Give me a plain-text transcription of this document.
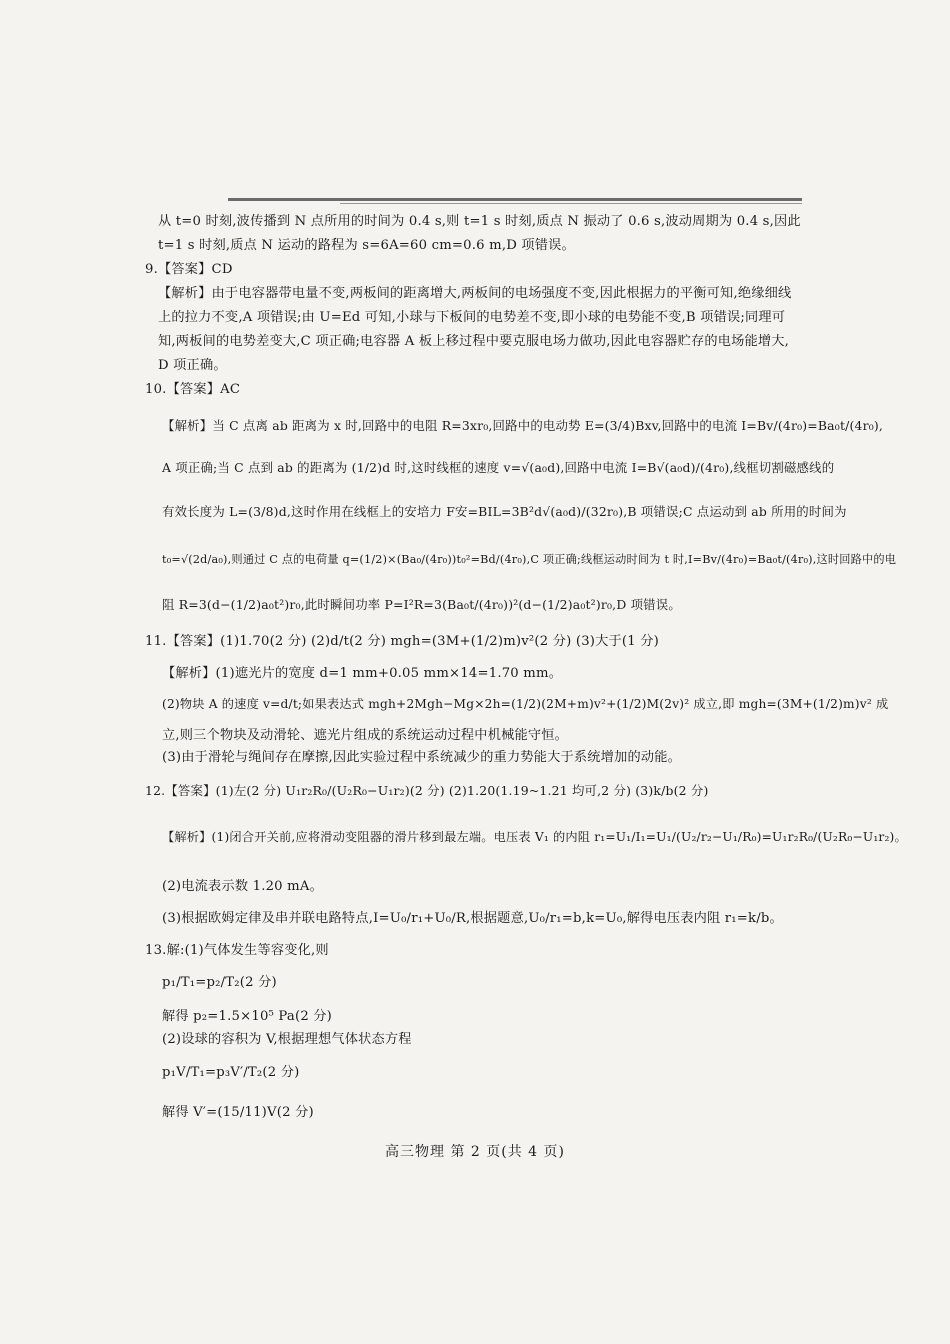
从 t=0 时刻,波传播到 N 点所用的时间为 0.4 s,则 t=1 s 时刻,质点 N 振动了 0.6 s,波动周期为 0.4 s,因此
t=1 s 时刻,质点 N 运动的路程为 s=6A=60 cm=0.6 m,D 项错误。
9.【答案】CD
【解析】由于电容器带电量不变,两板间的距离增大,两板间的电场强度不变,因此根据力的平衡可知,绝缘细线
上的拉力不变,A 项错误;由 U=Ed 可知,小球与下板间的电势差不变,即小球的电势能不变,B 项错误;同理可
知,两板间的电势差变大,C 项正确;电容器 A 板上移过程中要克服电场力做功,因此电容器贮存的电场能增大,
D 项正确。
10.【答案】AC
【解析】当 C 点离 ab 距离为 x 时,回路中的电阻 R=3xr₀,回路中的电动势 E=(3/4)Bxv,回路中的电流 I=Bv/(4r₀)=Ba₀t/(4r₀),
A 项正确;当 C 点到 ab 的距离为 (1/2)d 时,这时线框的速度 v=√(a₀d),回路中电流 I=B√(a₀d)/(4r₀),线框切割磁感线的
有效长度为 L=(3/8)d,这时作用在线框上的安培力 F安=BIL=3B²d√(a₀d)/(32r₀),B 项错误;C 点运动到 ab 所用的时间为
t₀=√(2d/a₀),则通过 C 点的电荷量 q=(1/2)×(Ba₀/(4r₀))t₀²=Bd/(4r₀),C 项正确;线框运动时间为 t 时,I=Bv/(4r₀)=Ba₀t/(4r₀),这时回路中的电
阻 R=3(d−(1/2)a₀t²)r₀,此时瞬间功率 P=I²R=3(Ba₀t/(4r₀))²(d−(1/2)a₀t²)r₀,D 项错误。
11.【答案】(1)1.70(2 分) (2)d/t(2 分) mgh=(3M+(1/2)m)v²(2 分) (3)大于(1 分)
【解析】(1)遮光片的宽度 d=1 mm+0.05 mm×14=1.70 mm。
(2)物块 A 的速度 v=d/t;如果表达式 mgh+2Mgh−Mg×2h=(1/2)(2M+m)v²+(1/2)M(2v)² 成立,即 mgh=(3M+(1/2)m)v² 成
立,则三个物块及动滑轮、遮光片组成的系统运动过程中机械能守恒。
(3)由于滑轮与绳间存在摩擦,因此实验过程中系统减少的重力势能大于系统增加的动能。
12.【答案】(1)左(2 分) U₁r₂R₀/(U₂R₀−U₁r₂)(2 分) (2)1.20(1.19~1.21 均可,2 分) (3)k/b(2 分)
【解析】(1)闭合开关前,应将滑动变阻器的滑片移到最左端。电压表 V₁ 的内阻 r₁=U₁/I₁=U₁/(U₂/r₂−U₁/R₀)=U₁r₂R₀/(U₂R₀−U₁r₂)。
(2)电流表示数 1.20 mA。
(3)根据欧姆定律及串并联电路特点,I=U₀/r₁+U₀/R,根据题意,U₀/r₁=b,k=U₀,解得电压表内阻 r₁=k/b。
13.解:(1)气体发生等容变化,则
p₁/T₁=p₂/T₂(2 分)
解得 p₂=1.5×10⁵ Pa(2 分)
(2)设球的容积为 V,根据理想气体状态方程
p₁V/T₁=p₃V′/T₂(2 分)
解得 V′=(15/11)V(2 分)
高三物理 第 2 页(共 4 页)
